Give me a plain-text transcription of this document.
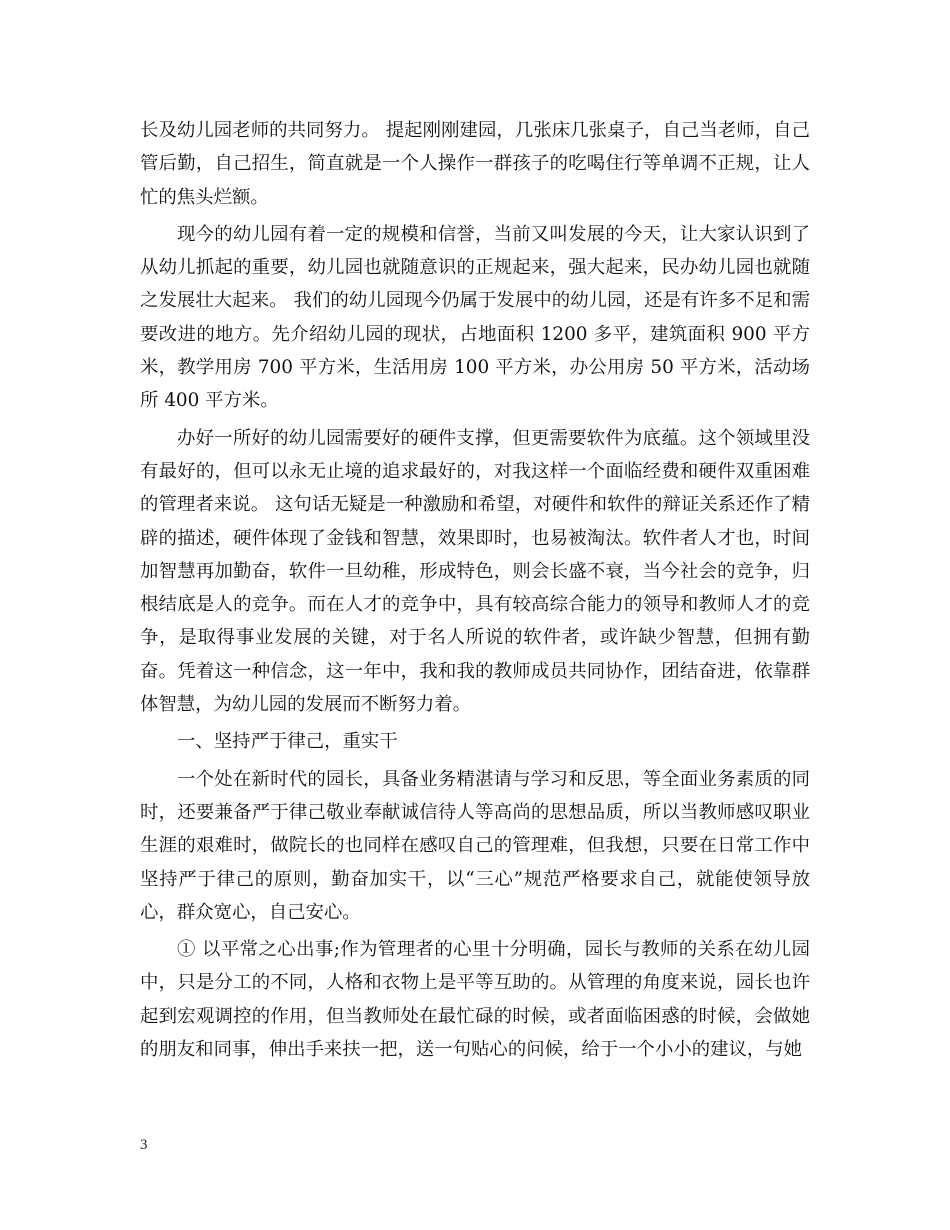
长及幼儿园老师的共同努力。 提起刚刚建园，几张床几张桌子，自己当老师，自己管后勤，自己招生，简直就是一个人操作一群孩子的吃喝住行等单调不正规，让人忙的焦头烂额。

现今的幼儿园有着一定的规模和信誉，当前又叫发展的今天，让大家认识到了从幼儿抓起的重要，幼儿园也就随意识的正规起来，强大起来，民办幼儿园也就随之发展壮大起来。 我们的幼儿园现今仍属于发展中的幼儿园，还是有许多不足和需要改进的地方。先介绍幼儿园的现状，占地面积 1200 多平，建筑面积 900 平方米，教学用房 700 平方米，生活用房 100 平方米，办公用房 50 平方米，活动场所 400 平方米。

办好一所好的幼儿园需要好的硬件支撑，但更需要软件为底蕴。这个领域里没有最好的，但可以永无止境的追求最好的，对我这样一个面临经费和硬件双重困难的管理者来说。 这句话无疑是一种激励和希望，对硬件和软件的辩证关系还作了精辟的描述，硬件体现了金钱和智慧，效果即时，也易被淘汰。软件者人才也，时间加智慧再加勤奋，软件一旦幼稚，形成特色，则会长盛不衰，当今社会的竞争，归根结底是人的竞争。而在人才的竞争中，具有较高综合能力的领导和教师人才的竞争，是取得事业发展的关键，对于名人所说的软件者，或许缺少智慧，但拥有勤奋。凭着这一种信念，这一年中，我和我的教师成员共同协作，团结奋进，依靠群体智慧，为幼儿园的发展而不断努力着。

一、坚持严于律己，重实干

一个处在新时代的园长，具备业务精湛请与学习和反思，等全面业务素质的同时，还要兼备严于律己敬业奉献诚信待人等高尚的思想品质，所以当教师感叹职业生涯的艰难时，做院长的也同样在感叹自己的管理难，但我想，只要在日常工作中坚持严于律己的原则，勤奋加实干，以“三心”规范严格要求自己，就能使领导放心，群众宽心，自己安心。

① 以平常之心出事;作为管理者的心里十分明确，园长与教师的关系在幼儿园中，只是分工的不同，人格和衣物上是平等互助的。从管理的角度来说，园长也许起到宏观调控的作用，但当教师处在最忙碌的时候，或者面临困惑的时候，会做她的朋友和同事，伸出手来扶一把，送一句贴心的问候，给于一个小小的建议，与她

3
